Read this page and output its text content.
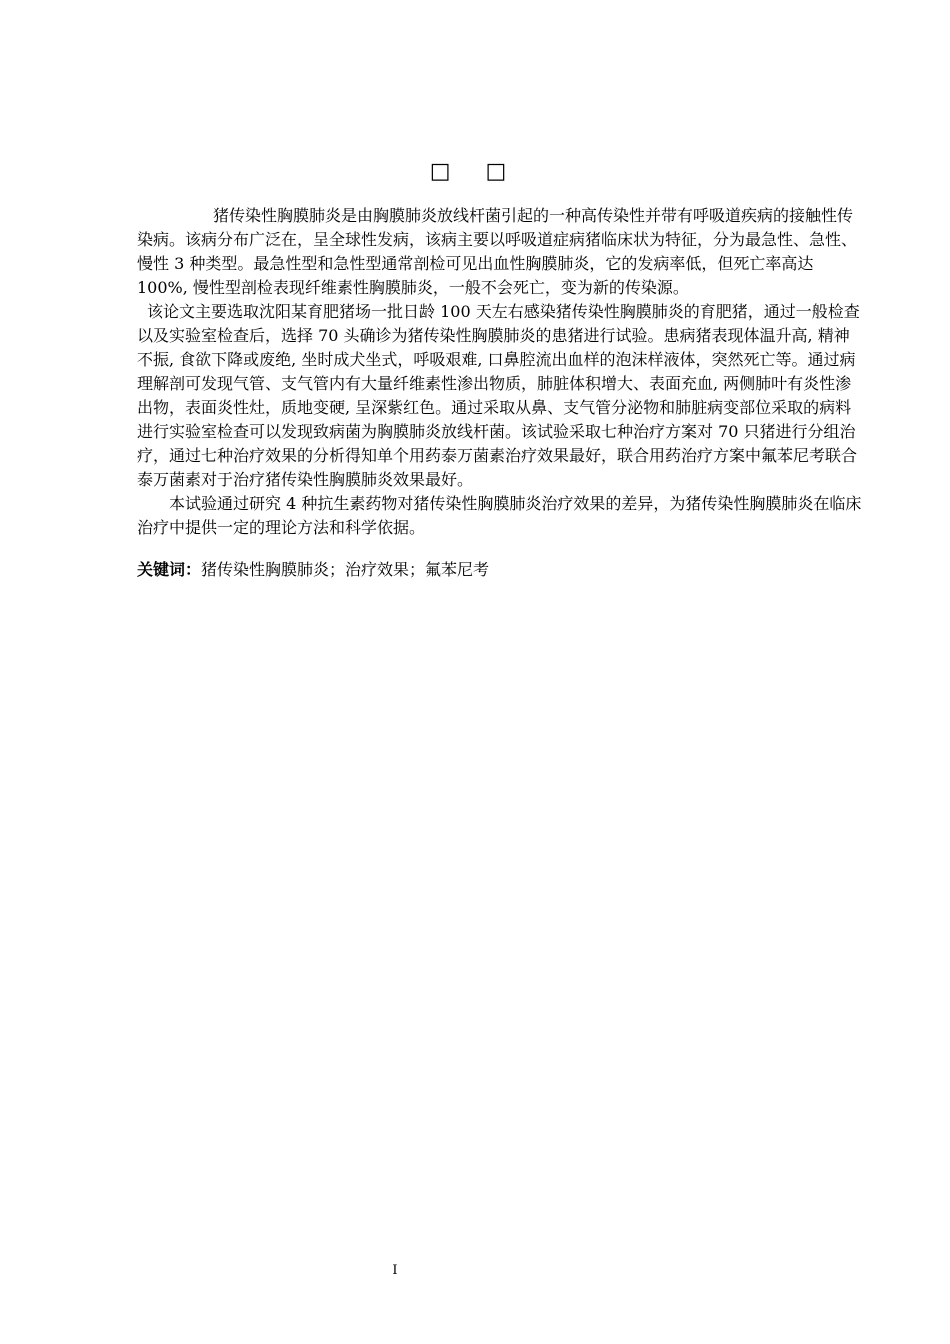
□ □

猪传染性胸膜肺炎是由胸膜肺炎放线杆菌引起的一种高传染性并带有呼吸道疾病的接触性传染病。该病分布广泛在，呈全球性发病，该病主要以呼吸道症病猪临床状为特征，分为最急性、急性、慢性 3 种类型。最急性型和急性型通常剖检可见出血性胸膜肺炎，它的发病率低，但死亡率高达 100%, 慢性型剖检表现纤维素性胸膜肺炎，一般不会死亡，变为新的传染源。

该论文主要选取沈阳某育肥猪场一批日龄 100 天左右感染猪传染性胸膜肺炎的育肥猪，通过一般检查以及实验室检查后，选择 70 头确诊为猪传染性胸膜肺炎的患猪进行试验。患病猪表现体温升高, 精神不振, 食欲下降或废绝, 坐时成犬坐式，呼吸艰难, 口鼻腔流出血样的泡沫样液体，突然死亡等。通过病理解剖可发现气管、支气管内有大量纤维素性渗出物质，肺脏体积增大、表面充血, 两侧肺叶有炎性渗出物，表面炎性灶，质地变硬, 呈深紫红色。通过采取从鼻、支气管分泌物和肺脏病变部位采取的病料进行实验室检查可以发现致病菌为胸膜肺炎放线杆菌。该试验采取七种治疗方案对 70 只猪进行分组治疗，通过七种治疗效果的分析得知单个用药泰万菌素治疗效果最好，联合用药治疗方案中氟苯尼考联合泰万菌素对于治疗猪传染性胸膜肺炎效果最好。

本试验通过研究 4 种抗生素药物对猪传染性胸膜肺炎治疗效果的差异，为猪传染性胸膜肺炎在临床治疗中提供一定的理论方法和科学依据。

关键词：猪传染性胸膜肺炎；治疗效果；氟苯尼考

I
